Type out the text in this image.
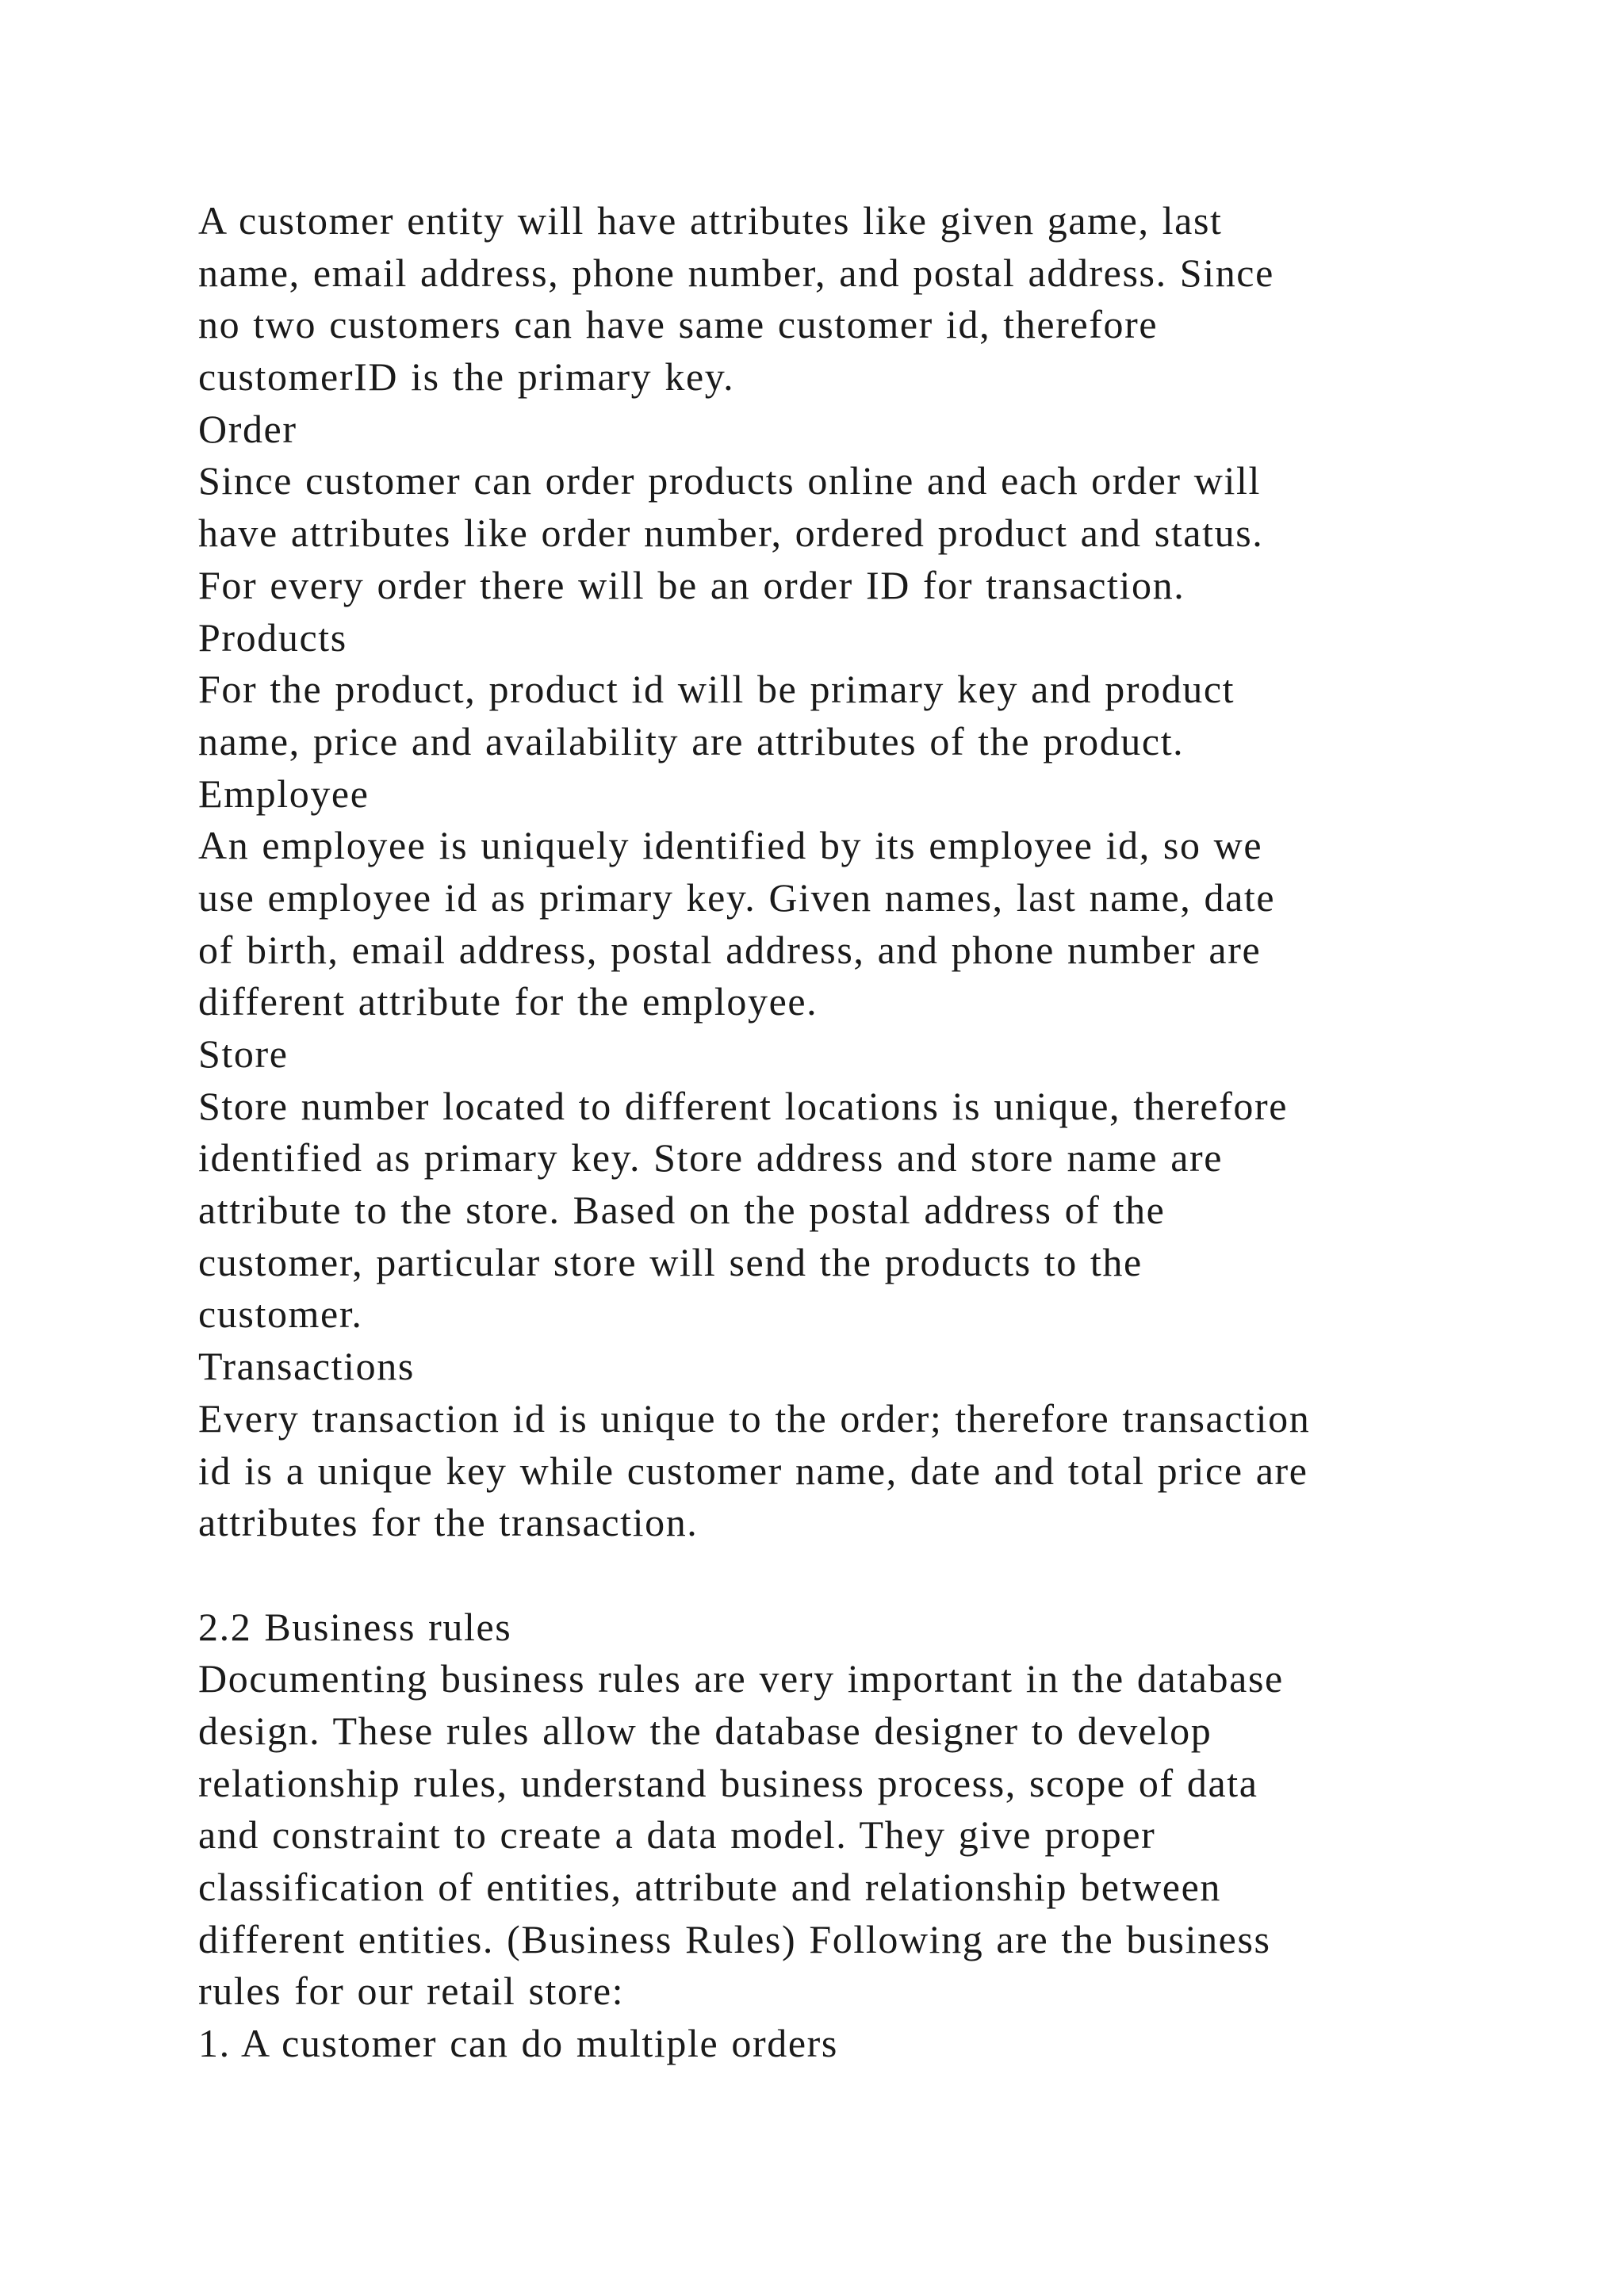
A customer entity will have attributes like given game, last
name, email address, phone number, and postal address. Since
no two customers can have same customer id, therefore
customerID is the primary key.
Order
Since customer can order products online and each order will
have attributes like order number, ordered product and status.
For every order there will be an order ID for transaction.
Products
For the product, product id will be primary key and product
name, price and availability are attributes of the product.
Employee
An employee is uniquely identified by its employee id, so we
use employee id as primary key. Given names, last name, date
of birth, email address, postal address, and phone number are
different attribute for the employee.
Store
Store number located to different locations is unique, therefore
identified as primary key. Store address and store name are
attribute to the store. Based on the postal address of the
customer, particular store will send the products to the
customer.
Transactions
Every transaction id is unique to the order; therefore transaction
id is a unique key while customer name, date and total price are
attributes for the transaction.
2.2 Business rules
Documenting business rules are very important in the database
design. These rules allow the database designer to develop
relationship rules, understand business process, scope of data
and constraint to create a data model. They give proper
classification of entities, attribute and relationship between
different entities. (Business Rules) Following are the business
rules for our retail store:
1. A customer can do multiple orders
